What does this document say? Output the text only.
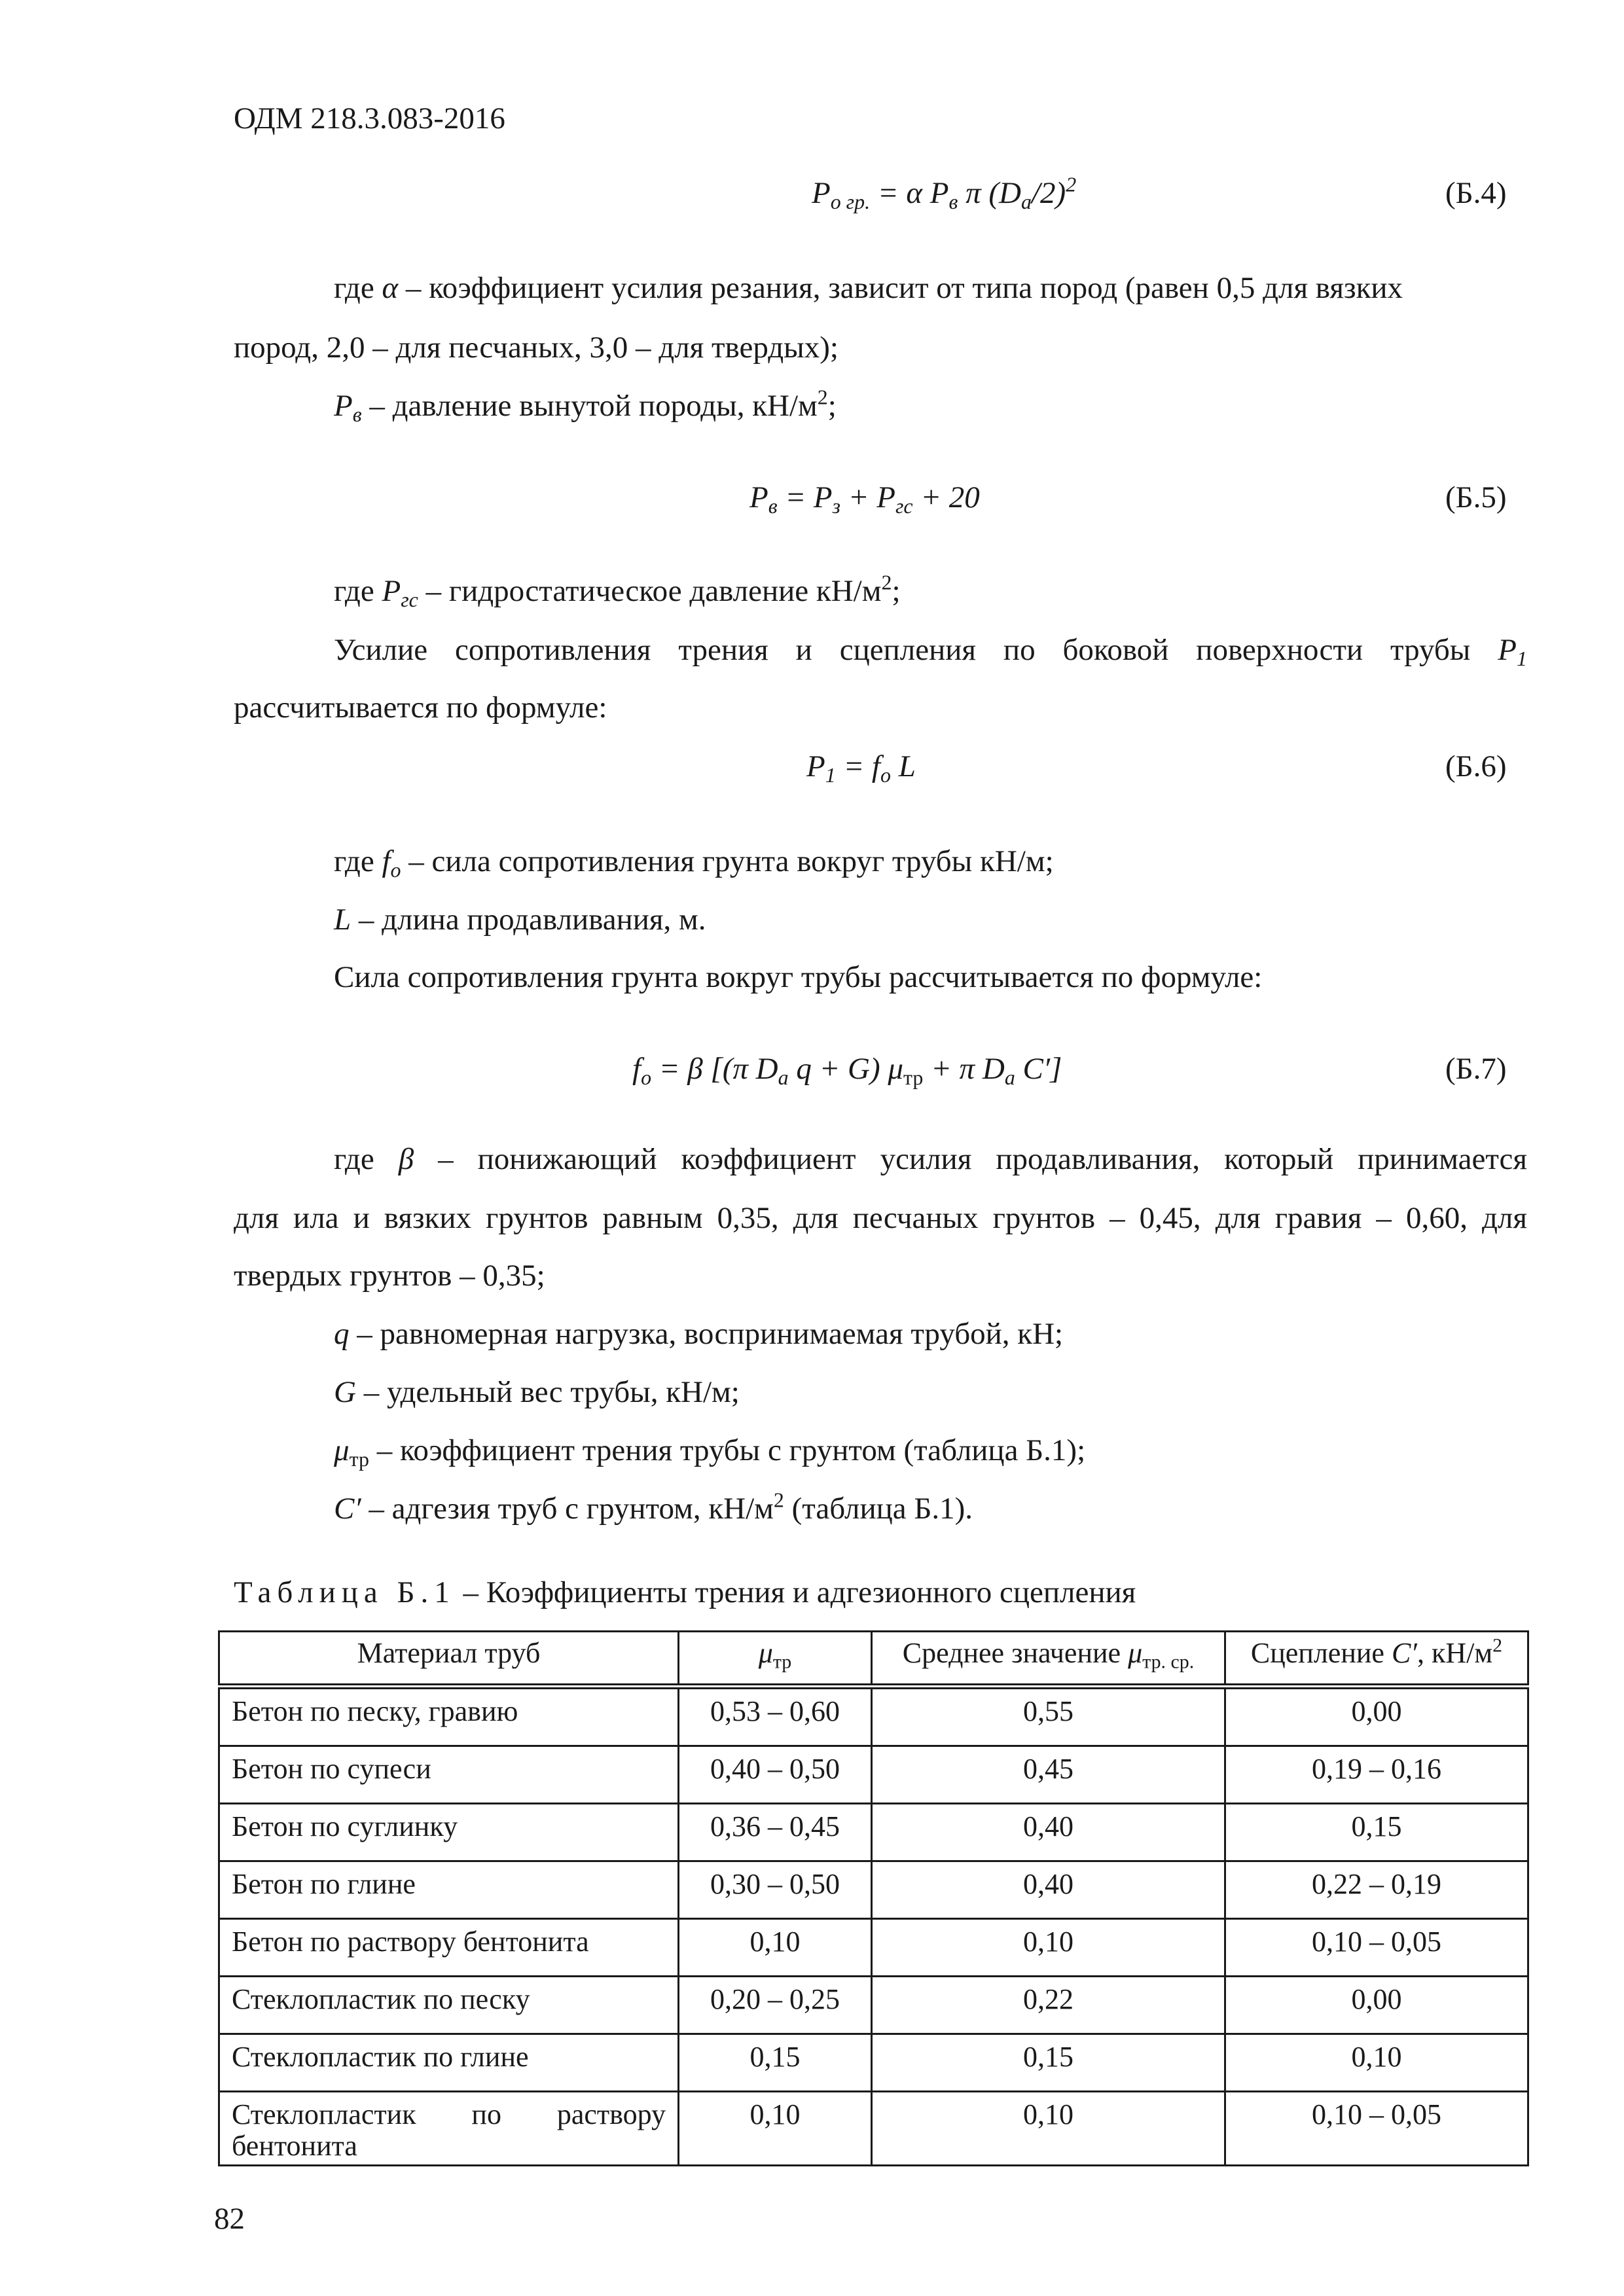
ОДМ 218.3.083-2016
$P_{о гр.} = \alpha$ $P_в$ π $(D_a/2)^2$	(Б.4)
где α – коэффициент усилия резания, зависит от типа пород (равен 0,5 для вязких
пород, 2,0 – для песчаных, 3,0 – для твердых);
$P_в$ – давление вынутой породы, $кН/м^2$;
$P_в = P_з + P_{гс} + 20$	(Б.5)
где $P_{гс}$ – гидростатическое давление $кН/м^2$;
Усилие сопротивления трения и сцепления по боковой поверхности трубы $P_1$
рассчитывается по формуле:
$P_1 = f_o$ L	(Б.6)
где $f_o$ – сила сопротивления грунта вокруг трубы кН/м;
L – длина продавливания, м.
Сила сопротивления грунта вокруг трубы рассчитывается по формуле:
$f_o = \beta$ [(π $D_a$ q + G) $\mu_{тр} + \pi$ $D_a$ C′]	(Б.7)
где β – понижающий коэффициент усилия продавливания, который принимается
для ила и вязких грунтов равным 0,35, для песчаных грунтов – 0,45, для гравия – 0,60, для
твердых грунтов – 0,35;
q – равномерная нагрузка, воспринимаемая трубой, кН;
G – удельный вес трубы, кН/м;
$\mu_{тр}$ – коэффициент трения трубы с грунтом (таблица Б.1);
C′ – адгезия труб с грунтом, $кН/м^2$ (таблица Б.1).
Таблица Б.1 – Коэффициенты трения и адгезионного сцепления
Материал труб	$\mu_{тр}$	Среднее значение $\mu_{тр. ср.}$	Сцепление C′, $кН/м^2$
Бетон по песку, гравию	0,53 – 0,60	0,55	0,00
Бетон по супеси	0,40 – 0,50	0,45	0,19 – 0,16
Бетон по суглинку	0,36 – 0,45	0,40	0,15
Бетон по глине	0,30 – 0,50	0,40	0,22 – 0,19
Бетон по раствору бентонита	0,10	0,10	0,10 – 0,05
Стеклопластик по песку	0,20 – 0,25	0,22	0,00
Стеклопластик по глине	0,15	0,15	0,10

Стеклопластик по раствору
бентонита	0,10	0,10	0,10 – 0,05
82
